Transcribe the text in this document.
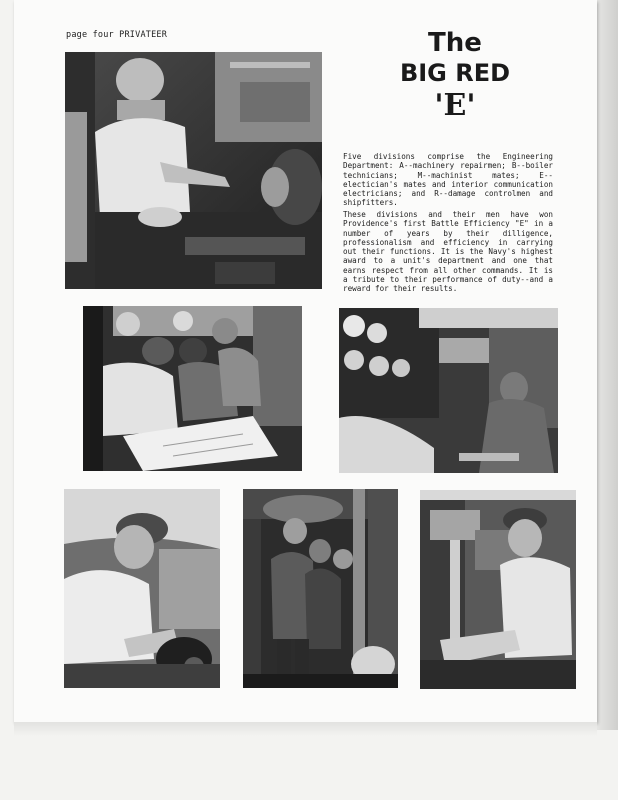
page four PRIVATEER	The
BIG RED
'E'
Five divisions comprise the Engineering Department: A--machinery repairmen; B--boiler technicians; M--machinist mates; E--electician's mates and interior communication electricians; and R--damage controlmen and shipfitters.
These divisions and their men have won Providence's first Battle Efficiency "E" in a number of years by their dilligence, professionalism and efficiency in carrying out their functions. It is the Navy's highest award to a unit's department and one that earns respect from all other commands. It is a tribute to their performance of duty--and a reward for their results.
